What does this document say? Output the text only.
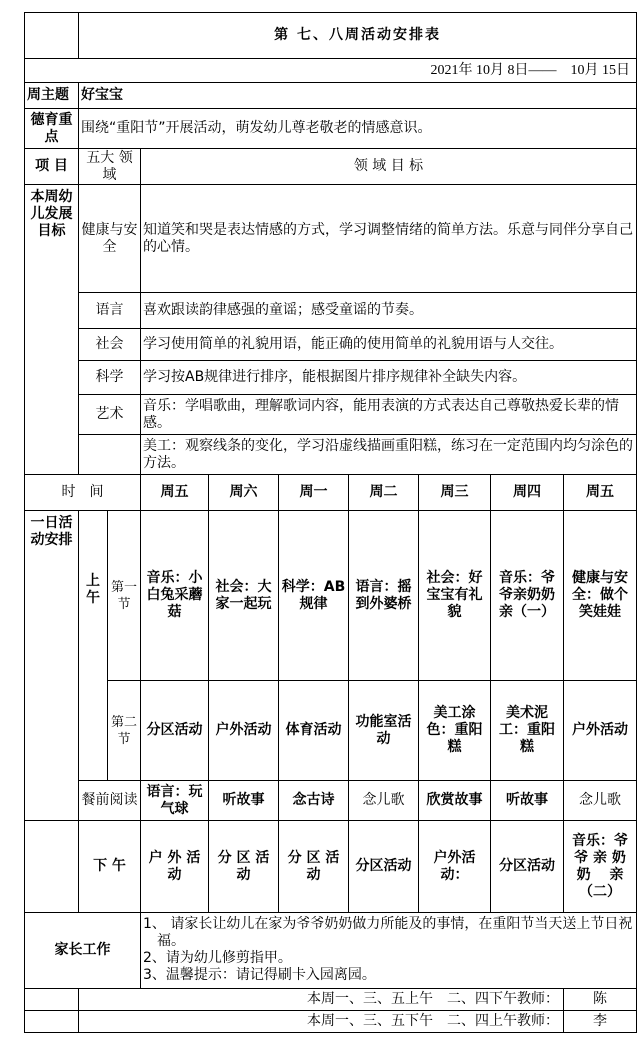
	第 七、八周活动安排表								
2021年 10月 8日——　10月 15日									
周主题	好宝宝								
德育重点	围绕“重阳节”开展活动，萌发幼儿尊老敬老的情感意识。								
项 目	五大 领 域		领 域 目 标						
本周幼儿发展目标	健康与安全		知道笑和哭是表达情感的方式，学习调整情绪的简单方法。乐意与同伴分享自己的心情。						
	语言		喜欢跟读韵律感强的童谣；感受童谣的节奏。						
	社会		学习使用简单的礼貌用语，能正确的使用简单的礼貌用语与人交往。						
	科学		学习按AB规律进行排序，能根据图片排序规律补全缺失内容。						
	艺术		音乐：学唱歌曲，理解歌词内容，能用表演的方式表达自己尊敬热爱长辈的情感。						
			美工：观察线条的变化，学习沿虚线描画重阳糕，练习在一定范围内均匀涂色的方法。						
时　间			周五	周六	周一	周二	周三	周四	周五
一日活动安排	上午	第一节	音乐：小白兔采蘑菇	社会：大家一起玩	科学：AB规律	语言：摇到外婆桥	社会：好宝宝有礼貌	音乐：爷爷亲奶奶亲（一）	健康与安全：做个笑娃娃
		第二节	分区活动	户外活动	体育活动	功能室活动	美工涂色：重阳糕	美术泥工：重阳糕	户外活动
	餐前阅读		语言：玩气球	听故事	念古诗	念儿歌	欣赏故事	听故事	念儿歌
	下 午		户 外 活动	分 区 活动	分 区 活动	分区活动	户外活动：	分区活动	音乐：爷 爷 亲 奶 奶　 亲（二）
家长工作			1、 请家长让幼儿在家为爷爷奶奶做力所能及的事情，在重阳节当天送上节日祝福。
2、请为幼儿修剪指甲。
3、温馨提示：请记得刷卡入园离园。						

	本周一、三、五上午　二、四下午教师：								陈
	本周一、三、五下午　二、四上午教师：								李
